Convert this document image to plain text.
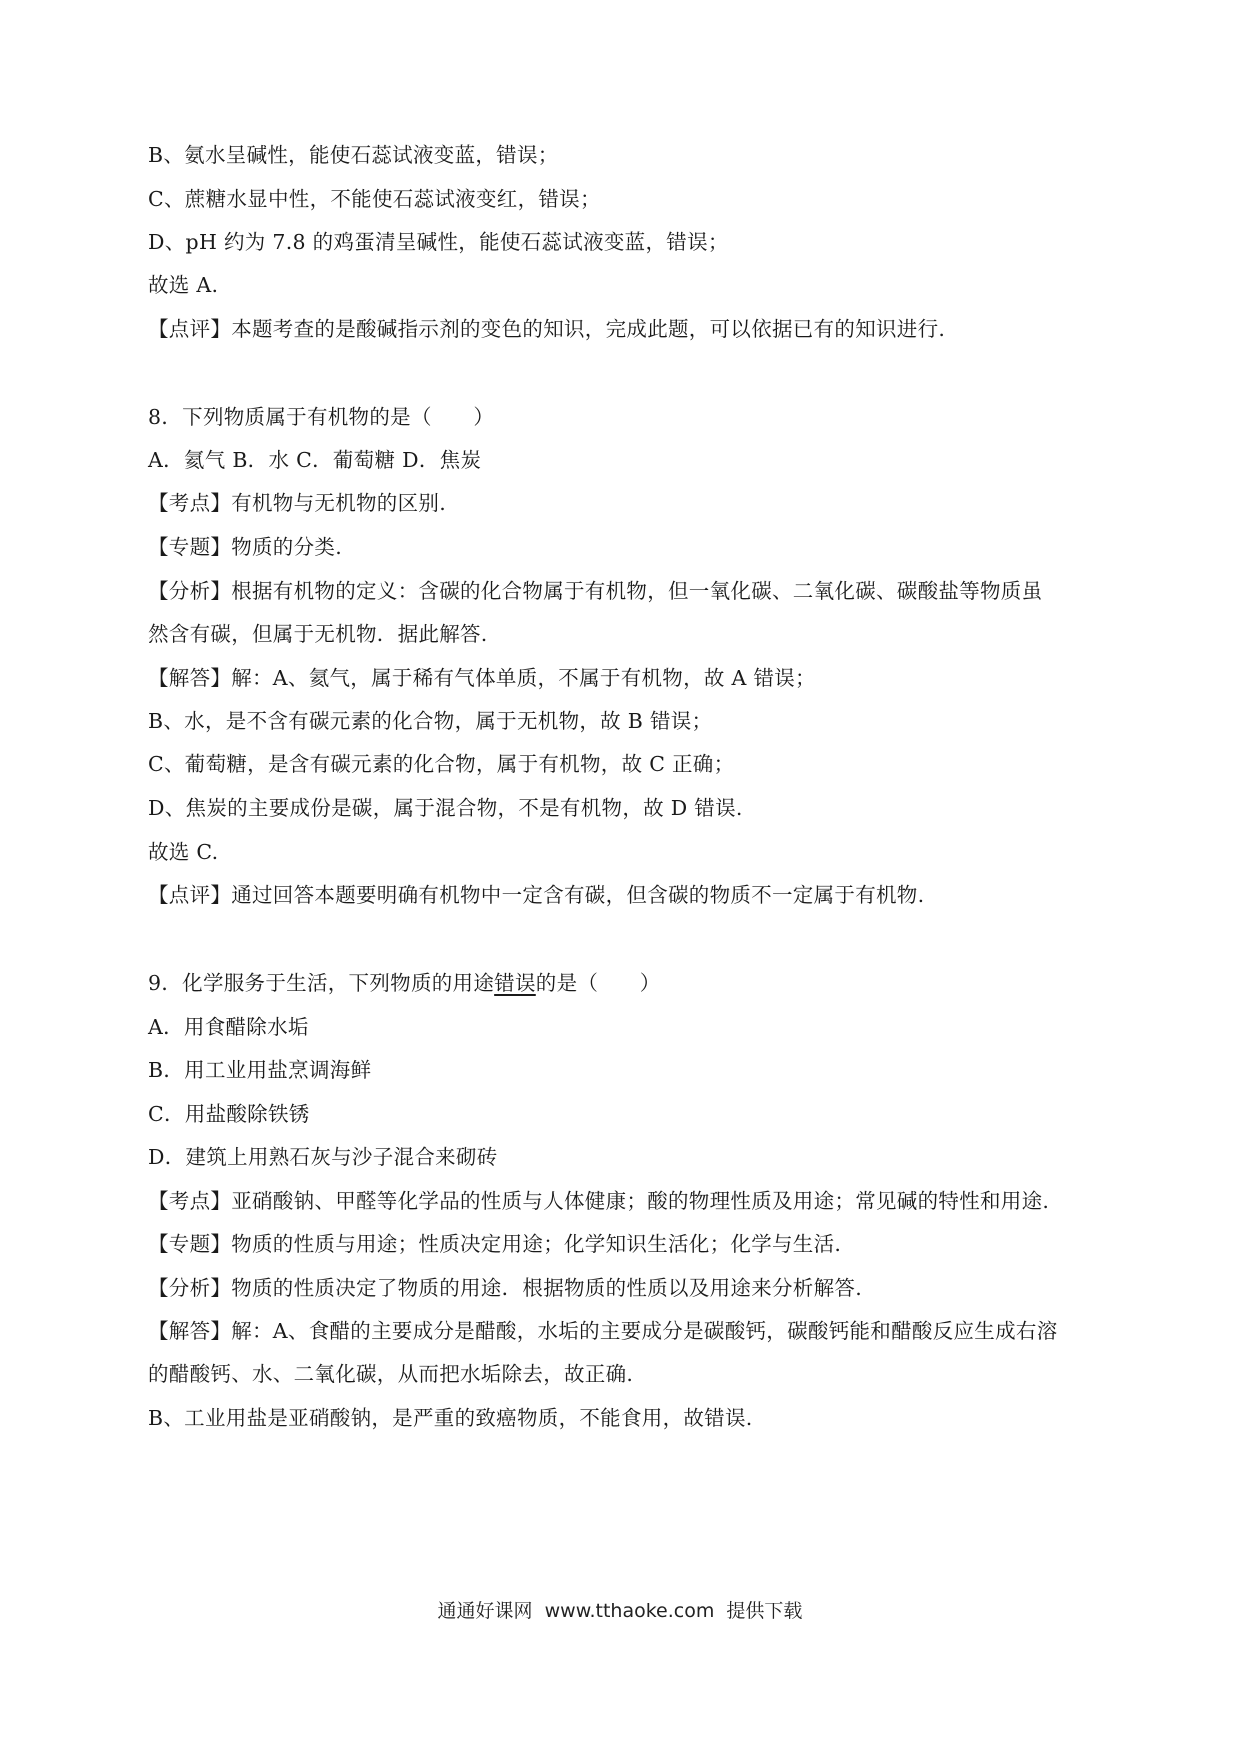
B、氨水呈碱性，能使石蕊试液变蓝，错误；
C、蔗糖水显中性，不能使石蕊试液变红，错误；
D、pH 约为 7.8 的鸡蛋清呈碱性，能使石蕊试液变蓝，错误；
故选 A.
【点评】本题考查的是酸碱指示剂的变色的知识，完成此题，可以依据已有的知识进行.
8．下列物质属于有机物的是（　　）
A．氦气 B．水 C．葡萄糖 D．焦炭
【考点】有机物与无机物的区别.
【专题】物质的分类.
【分析】根据有机物的定义：含碳的化合物属于有机物，但一氧化碳、二氧化碳、碳酸盐等物质虽
然含有碳，但属于无机物．据此解答.
【解答】解：A、氦气，属于稀有气体单质，不属于有机物，故 A 错误；
B、水，是不含有碳元素的化合物，属于无机物，故 B 错误；
C、葡萄糖，是含有碳元素的化合物，属于有机物，故 C 正确；
D、焦炭的主要成份是碳，属于混合物，不是有机物，故 D 错误.
故选 C.
【点评】通过回答本题要明确有机物中一定含有碳，但含碳的物质不一定属于有机物.
9．化学服务于生活，下列物质的用途错误的是（　　）
A．用食醋除水垢
B．用工业用盐烹调海鲜
C．用盐酸除铁锈
D．建筑上用熟石灰与沙子混合来砌砖
【考点】亚硝酸钠、甲醛等化学品的性质与人体健康；酸的物理性质及用途；常见碱的特性和用途.
【专题】物质的性质与用途；性质决定用途；化学知识生活化；化学与生活.
【分析】物质的性质决定了物质的用途．根据物质的性质以及用途来分析解答.
【解答】解：A、食醋的主要成分是醋酸，水垢的主要成分是碳酸钙，碳酸钙能和醋酸反应生成右溶
的醋酸钙、水、二氧化碳，从而把水垢除去，故正确.
B、工业用盐是亚硝酸钠，是严重的致癌物质，不能食用，故错误.
通通好课网 www.tthaoke.com 提供下载
